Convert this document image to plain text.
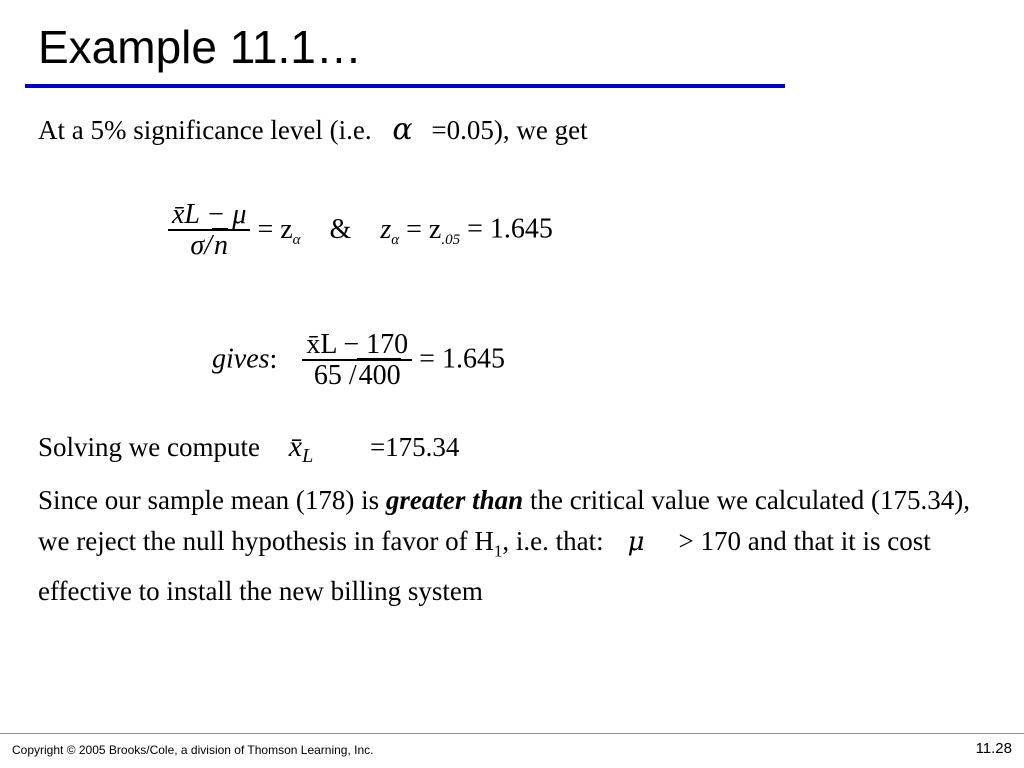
Example 11.1…
At a 5% significance level (i.e. α =0.05), we get
$\frac{x̄L - \mu}{\sigma/n} = z_\alpha$ & $z_\alpha = z_{.05} = 1.645$
gives: $\frac{x̄L - 170}{65 /400} = 1.645$
Solving we compute $x̄_L =175.34$
Since our sample mean (178) is greater than the critical value we calculated (175.34), we reject the null hypothesis in favor of $H_1$, i.e. that: μ > 170 and that it is cost effective to install the new billing system
Copyright © 2005 Brooks/Cole, a division of Thomson Learning, Inc.	11.28
